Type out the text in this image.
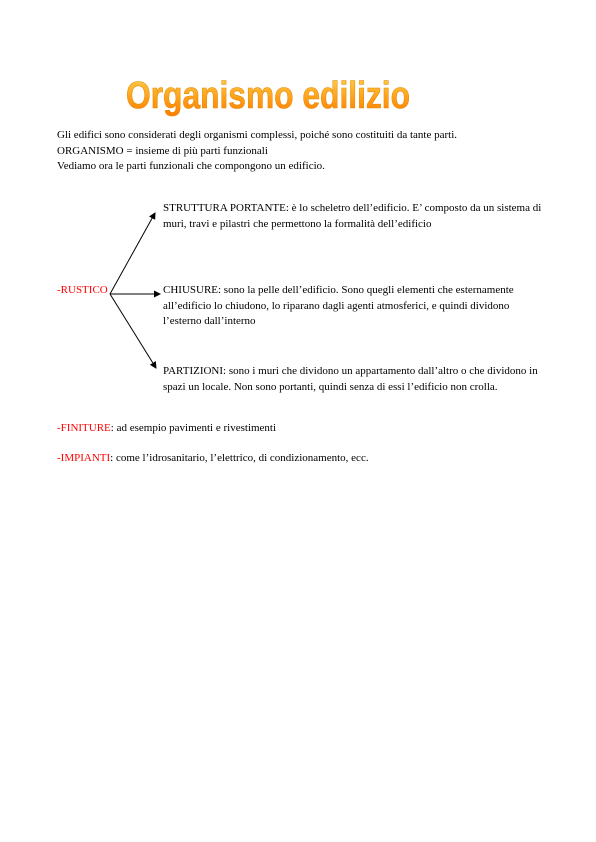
Organismo edilizio
Gli edifici sono considerati degli organismi complessi, poiché sono costituiti da tante parti.
ORGANISMO = insieme di più parti funzionali
Vediamo ora le parti funzionali che compongono un edificio.
STRUTTURA PORTANTE: è lo scheletro dell’edificio. E’ composto da un sistema di muri, travi e pilastri che permettono la formalità dell’edificio
CHIUSURE: sono la pelle dell’edificio. Sono quegli elementi che esternamente all’edificio lo chiudono, lo riparano dagli agenti atmosferici, e quindi dividono l’esterno dall’interno
PARTIZIONI: sono i muri che dividono un appartamento dall’altro o che dividono in spazi un locale. Non sono portanti, quindi senza di essi l’edificio non crolla.
-RUSTICO
-FINITURE: ad esempio pavimenti e rivestimenti
-IMPIANTI: come l’idrosanitario, l’elettrico, di condizionamento, ecc.
